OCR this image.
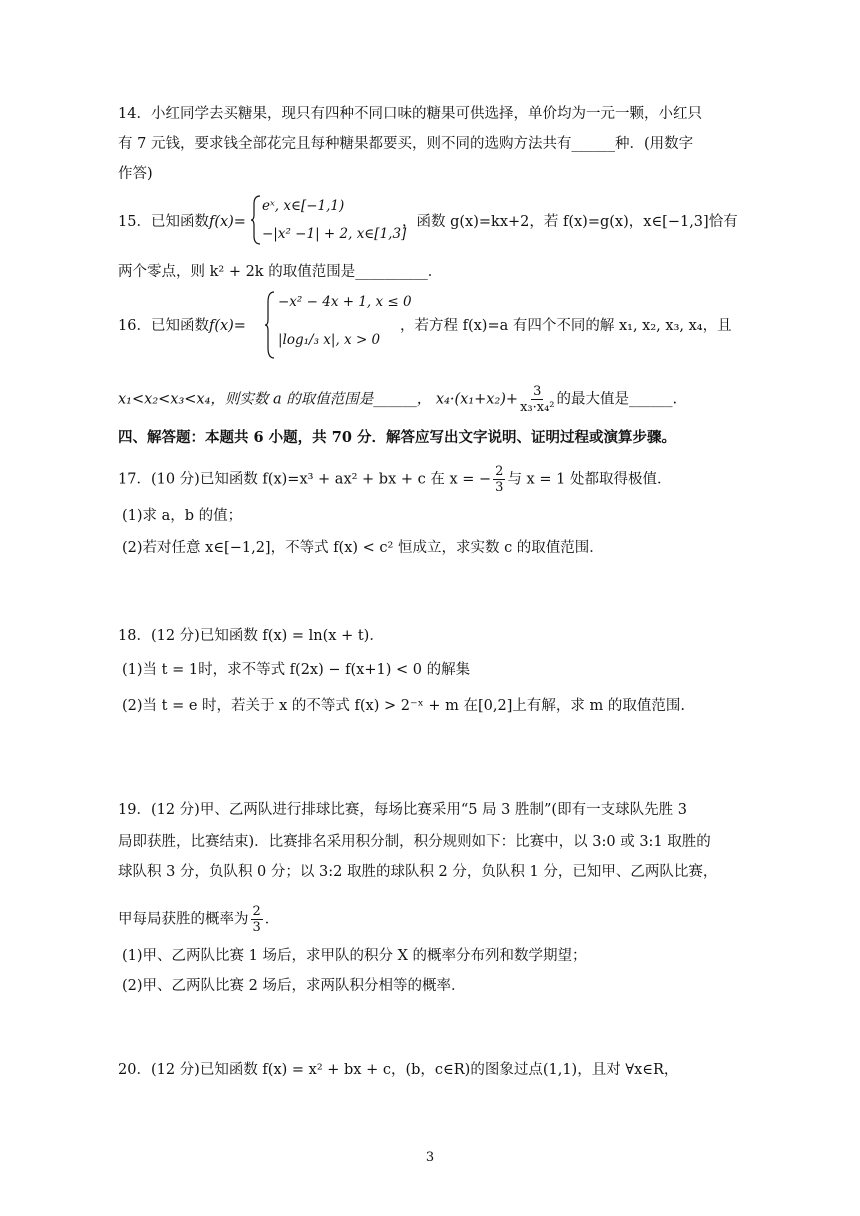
14．小红同学去买糖果，现只有四种不同口味的糖果可供选择，单价均为一元一颗，小红只
有 7 元钱，要求钱全部花完且每种糖果都要买，则不同的选购方法共有______种．(用数字
作答)
15．已知函数f(x)=
eˣ, x∈[−1,1)
−|x² −1| + 2, x∈[1,3]
，函数 g(x)=kx+2，若 f(x)=g(x)，x∈[−1,3]恰有
两个零点，则 k² + 2k 的取值范围是__________．
16．已知函数f(x)=
−x² − 4x + 1, x ≤ 0
|log₁/₃ x|, x > 0
，若方程 f(x)=a 有四个不同的解 x₁, x₂, x₃, x₄，且
x₁<x₂<x₃<x₄，则实数 a 的取值范围是______， $x_4\cdot(x_1+x_2)+ \frac{3}{\text{x₃·x₄²}}$ 的最大值是______.
四、解答题：本题共 6 小题，共 70 分．解答应写出文字说明、证明过程或演算步骤。
17．(10 分)已知函数 f(x)=x³ + ax² + bx + c 在 x = − $\frac{2}{3}$ 与 x = 1 处都取得极值．
(1)求 a，b 的值；
(2)若对任意 x∈[−1,2]，不等式 f(x) < c² 恒成立，求实数 c 的取值范围．
18．(12 分)已知函数 f(x) = ln(x + t)．
(1)当 t = 1时，求不等式 f(2x) − f(x+1) < 0 的解集
(2)当 t = e 时，若关于 x 的不等式 f(x) > 2⁻ˣ + m 在[0,2]上有解，求 m 的取值范围.
19．(12 分)甲、乙两队进行排球比赛，每场比赛采用“5 局 3 胜制”(即有一支球队先胜 3
局即获胜，比赛结束)．比赛排名采用积分制，积分规则如下：比赛中，以 3:0 或 3:1 取胜的
球队积 3 分，负队积 0 分；以 3:2 取胜的球队积 2 分，负队积 1 分，已知甲、乙两队比赛，
甲每局获胜的概率为 $\frac{2}{3}$ ．
(1)甲、乙两队比赛 1 场后，求甲队的积分 X 的概率分布列和数学期望；
(2)甲、乙两队比赛 2 场后，求两队积分相等的概率．
20．(12 分)已知函数 f(x) = x² + bx + c，(b，c∈R)的图象过点(1,1)，且对 ∀x∈R，
3
